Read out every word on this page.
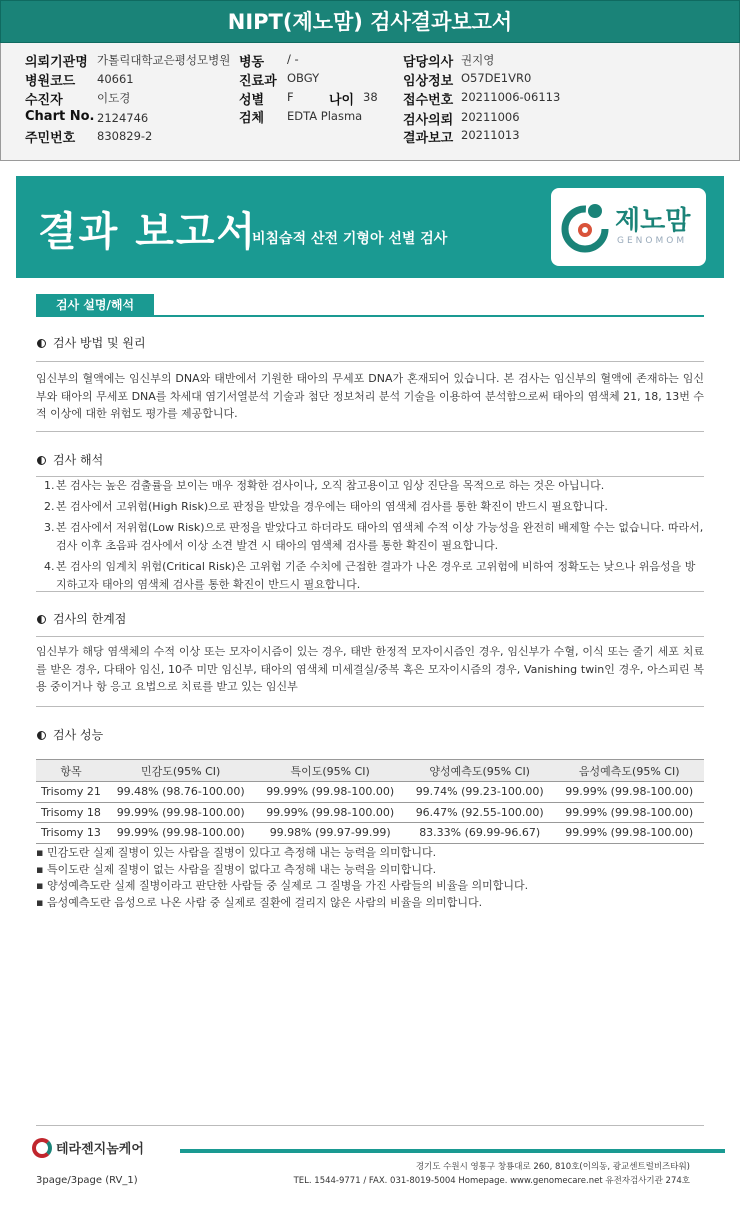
NIPT(제노맘) 검사결과보고서
의뢰기관명 가톨릭대학교은평성모병원
병원코드 40661
수진자	이도경
Chart No. 2124746
주민번호 830829-2
병동 / -
진료과 OBGY
성별 F	나이 38
검체 EDTA Plasma
담당의사 권지영
임상정보 O57DE1VR0
접수번호 20211006-06113
검사의뢰 20211006
결과보고 20211013
결과 보고서
비침습적 산전 기형아 선별 검사
제노맘
GENOMOM
검사 설명/해석
검사 방법 및 원리
임신부의 혈액에는 임신부의 DNA와 태반에서 기원한 태아의 무세포 DNA가 혼재되어 있습니다. 본 검사는 임신부의 혈액에 존재하는 임신부와 태아의 무세포 DNA를 차세대 염기서열분석 기술과 첨단 정보처리 분석 기술을 이용하여 분석함으로써 태아의 염색체 21, 18, 13번 수적 이상에 대한 위험도 평가를 제공합니다.
검사 해석
1. 본 검사는 높은 검출률을 보이는 매우 정확한 검사이나, 오직 참고용이고 임상 진단을 목적으로 하는 것은 아닙니다.
2. 본 검사에서 고위험(High Risk)으로 판정을 받았을 경우에는 태아의 염색체 검사를 통한 확진이 반드시 필요합니다.
3. 본 검사에서 저위험(Low Risk)으로 판정을 받았다고 하더라도 태아의 염색체 수적 이상 가능성을 완전히 배제할 수는 없습니다. 따라서, 검사 이후 초음파 검사에서 이상 소견 발견 시 태아의 염색체 검사를 통한 확진이 필요합니다.
4. 본 검사의 임계치 위험(Critical Risk)은 고위험 기준 수치에 근접한 결과가 나온 경우로 고위험에 비하여 정확도는 낮으나 위음성을 방지하고자 태아의 염색체 검사를 통한 확진이 반드시 필요합니다.
검사의 한계점
임신부가 해당 염색체의 수적 이상 또는 모자이시즘이 있는 경우, 태반 한정적 모자이시즘인 경우, 임신부가 수혈, 이식 또는 줄기 세포 치료를 받은 경우, 다태아 임신, 10주 미만 임신부, 태아의 염색체 미세결실/중복 혹은 모자이시즘의 경우, Vanishing twin인 경우, 아스피린 복용 중이거나 항 응고 요법으로 치료를 받고 있는 임신부
검사 성능
항목	민감도(95% CI)	특이도(95% CI)	양성예측도(95% CI)	음성예측도(95% CI)
Trisomy 21	99.48% (98.76-100.00)	99.99% (99.98-100.00)	99.74% (99.23-100.00)	99.99% (99.98-100.00)
Trisomy 18	99.99% (99.98-100.00)	99.99% (99.98-100.00)	96.47% (92.55-100.00)	99.99% (99.98-100.00)
Trisomy 13	99.99% (99.98-100.00)	99.98% (99.97-99.99)	83.33% (69.99-96.67)	99.99% (99.98-100.00)
▪ 민감도란 실제 질병이 있는 사람을 질병이 있다고 측정해 내는 능력을 의미합니다.
▪ 특이도란 실제 질병이 없는 사람을 질병이 없다고 측정해 내는 능력을 의미합니다.
▪ 양성예측도란 실제 질병이라고 판단한 사람들 중 실제로 그 질병을 가진 사람들의 비율을 의미합니다.
▪ 음성예측도란 음성으로 나온 사람 중 실제로 질환에 걸리지 않은 사람의 비율을 의미합니다.
테라젠지놈케어
경기도 수원시 영통구 창룡대로 260, 810호(이의동, 광교센트럴비즈타워)
TEL. 1544-9771 / FAX. 031-8019-5004 Homepage. www.genomecare.net 유전자검사기관 274호
3page/3page (RV_1)
